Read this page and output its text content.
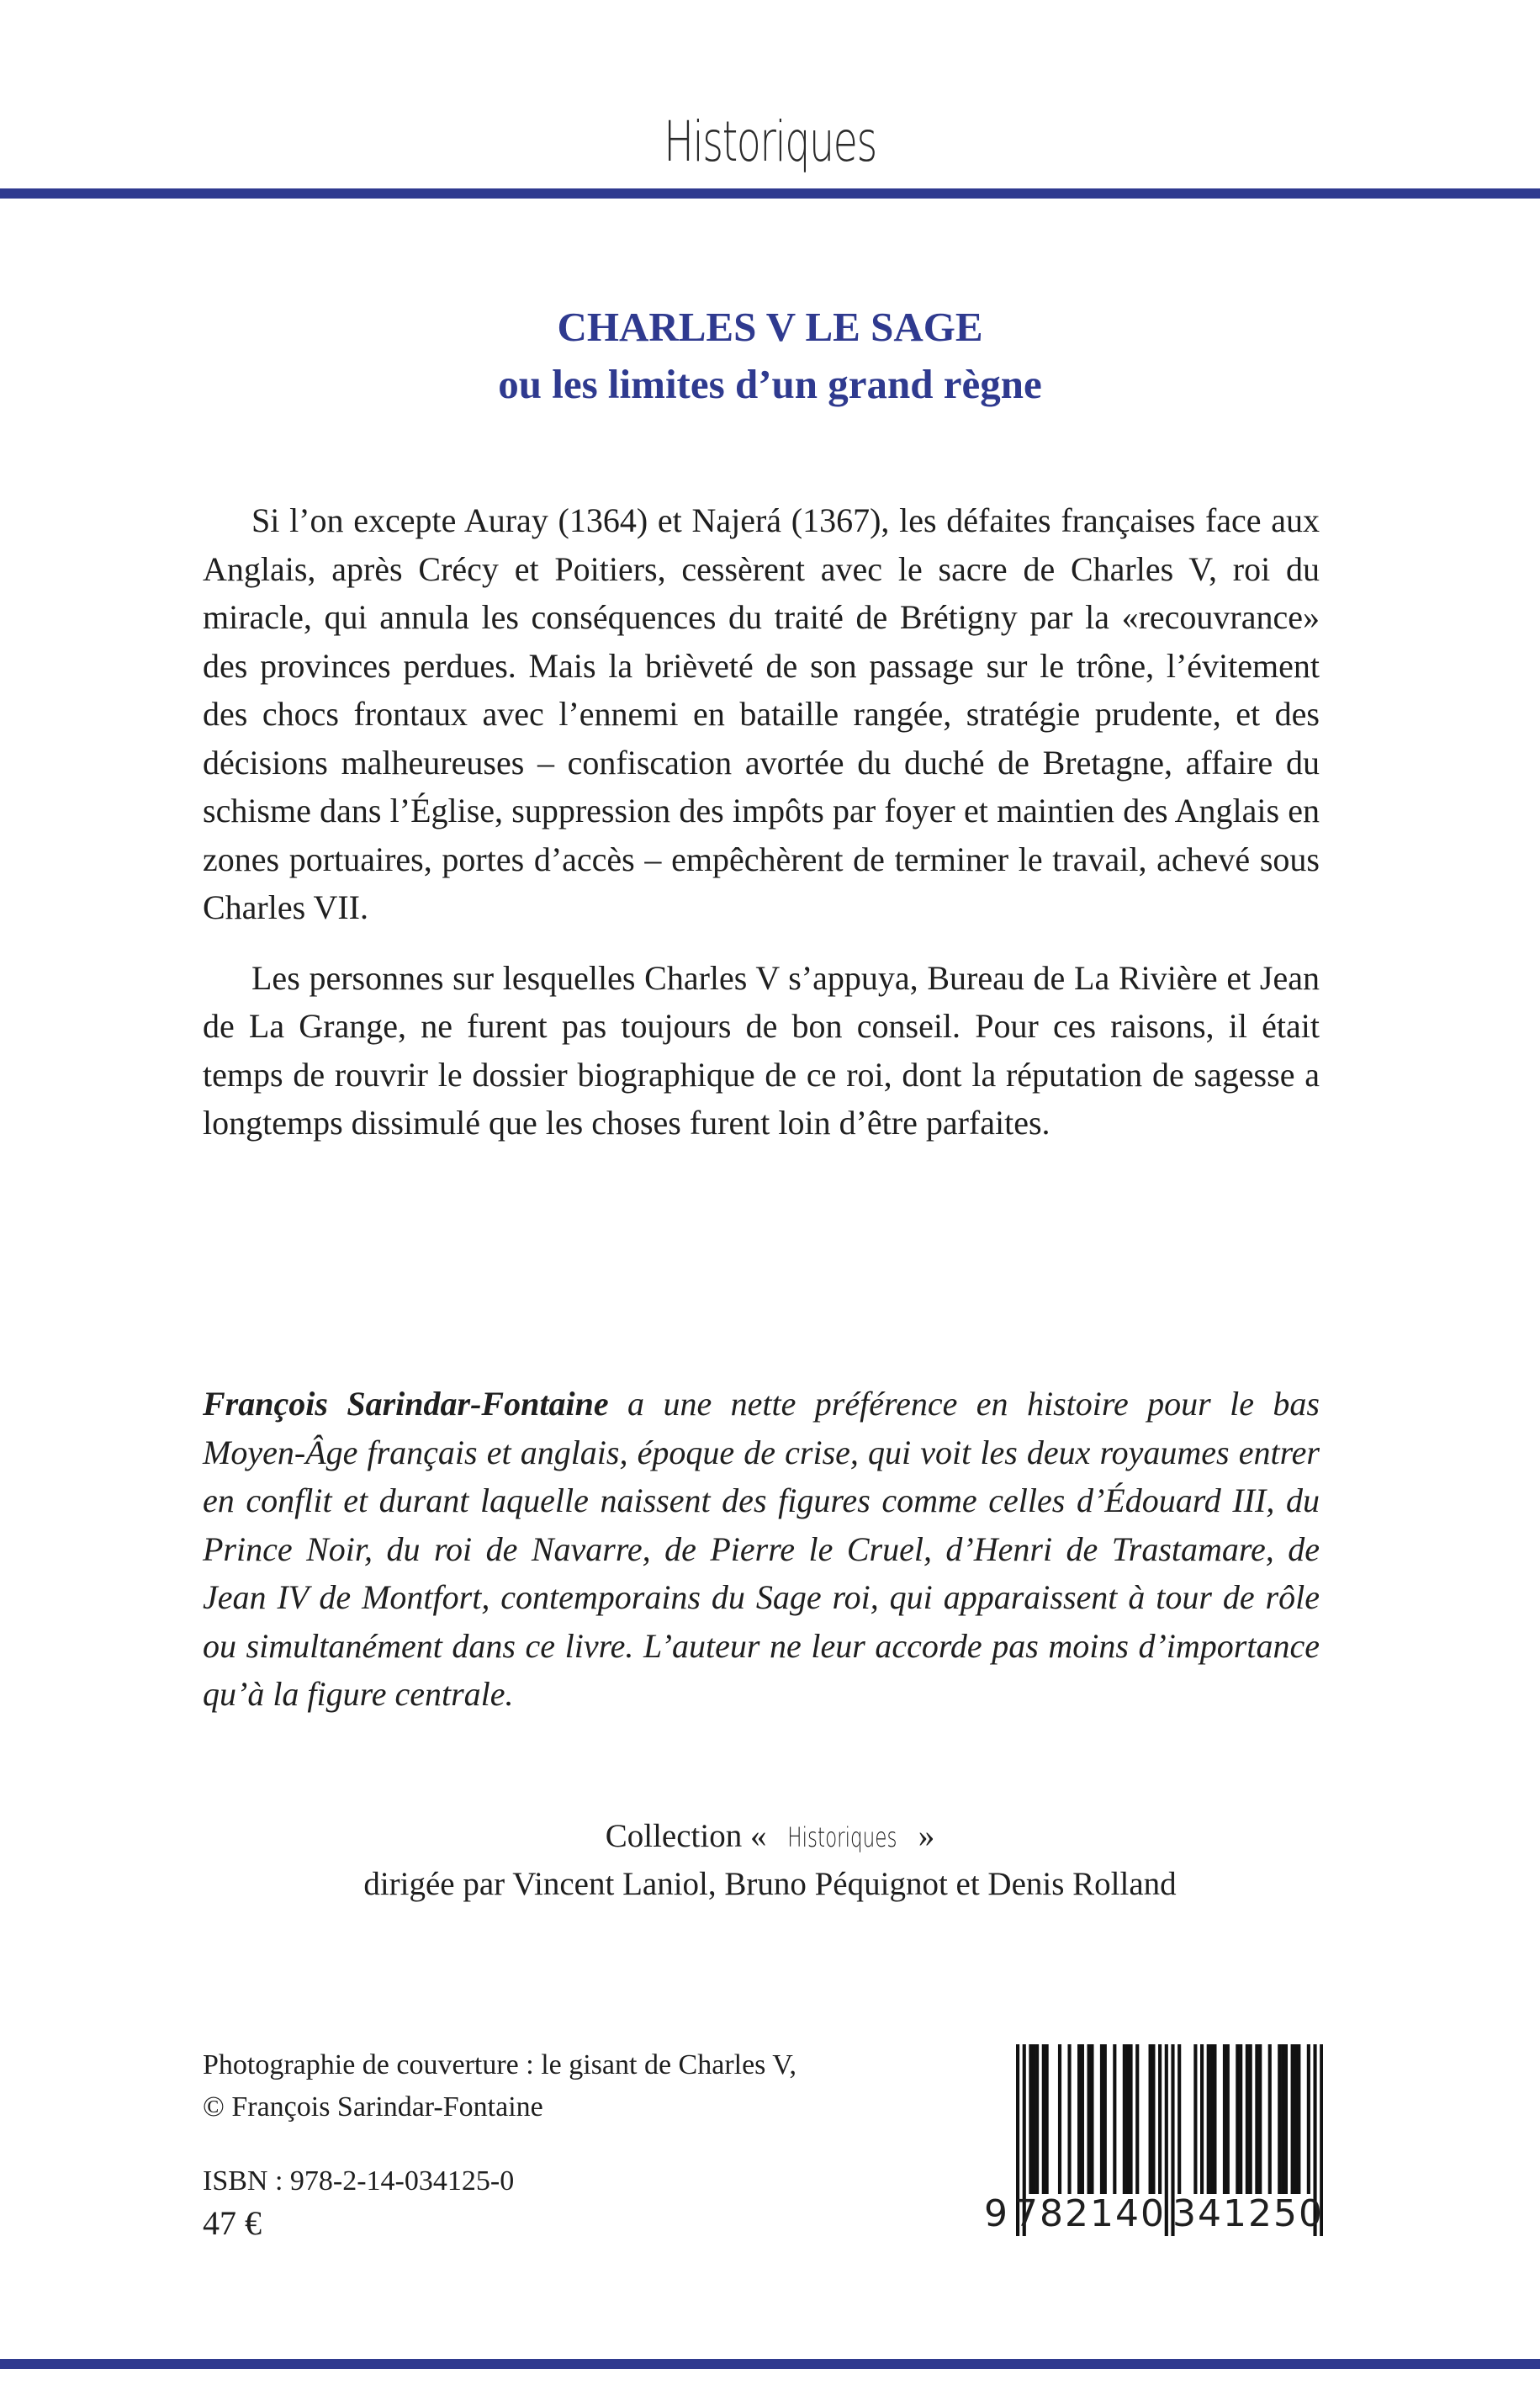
Historiques
CHARLES V LE SAGE
ou les limites d’un grand règne

Si l’on excepte Auray (1364) et Najerá (1367), les défaites françaises face aux Anglais, après Crécy et Poitiers, cessèrent avec le sacre de Charles V, roi du miracle, qui annula les conséquences du traité de Brétigny par la «recouvrance» des provinces perdues. Mais la brièveté de son passage sur le trône, l’évitement des chocs frontaux avec l’ennemi en bataille rangée, stratégie prudente, et des décisions malheureuses – confiscation avortée du duché de Bretagne, affaire du schisme dans l’Église, suppression des impôts par foyer et maintien des Anglais en zones portuaires, portes d’accès – empêchèrent de terminer le travail, achevé sous Charles VII.

Les personnes sur lesquelles Charles V s’appuya, Bureau de La Rivière et Jean de La Grange, ne furent pas toujours de bon conseil. Pour ces raisons, il était temps de rouvrir le dossier biographique de ce roi, dont la réputation de sagesse a longtemps dissimulé que les choses furent loin d’être parfaites.

François Sarindar-Fontaine a une nette préférence en histoire pour le bas Moyen-Âge français et anglais, époque de crise, qui voit les deux royaumes entrer en conflit et durant laquelle naissent des figures comme celles d’Édouard III, du Prince Noir, du roi de Navarre, de Pierre le Cruel, d’Henri de Trastamare, de Jean IV de Montfort, contemporains du Sage roi, qui apparaissent à tour de rôle ou simultanément dans ce livre. L’auteur ne leur accorde pas moins d’importance qu’à la figure centrale.

Collection « Historiques »
dirigée par Vincent Laniol, Bruno Péquignot et Denis Rolland
Photographie de couverture : le gisant de Charles V,
© François Sarindar-Fontaine
ISBN : 978-2-14-034125-0
47 €	9 782140 341250
